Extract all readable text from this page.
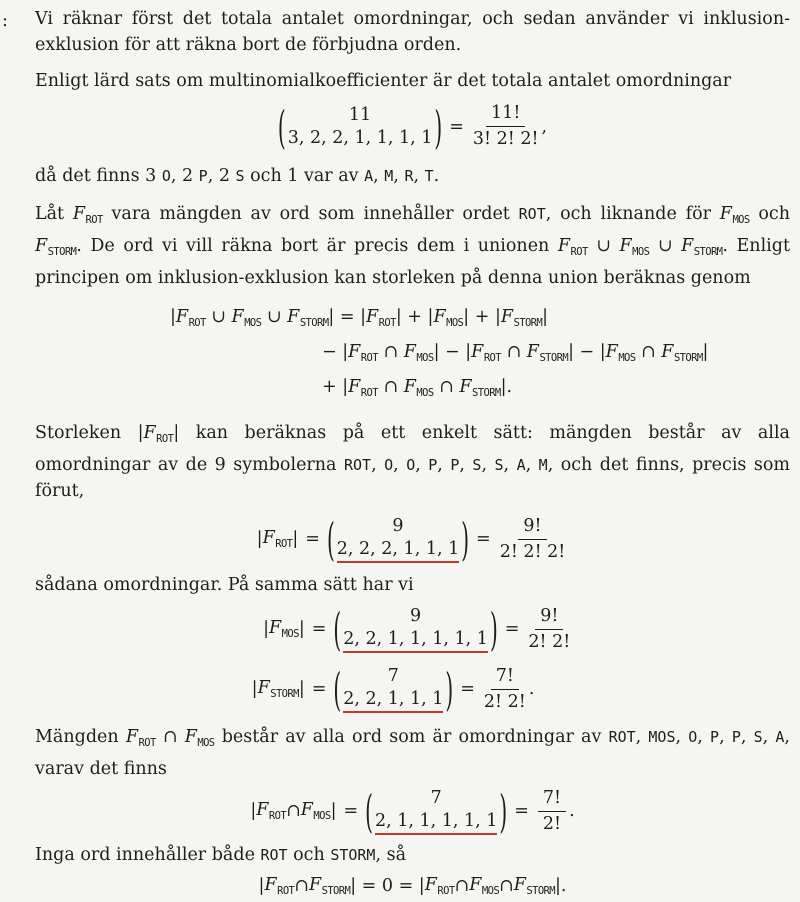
: Vi räknar först det totala antalet omordningar, och sedan använder vi inklusion-exklusion för att räkna bort de förbjudna orden.

Enligt lärd sats om multinomialkoefficienter är det totala antalet omordningar

(	11
3, 2, 2, 1, 1, 1, 1 ) = $\frac{11!}{3! 2! 2!}$ ,

då det finns 3 O, 2 P, 2 S och 1 var av A, M, R, T.

Låt $F_{ROT}$ vara mängden av ord som innehåller ordet ROT, och liknande för $F_{MOS}$ och $F_{STORM}$. De ord vi vill räkna bort är precis dem i unionen $F_{ROT}$ ∪ $F_{MOS}$ ∪ $F_{STORM}$. Enligt principen om inklusion-exklusion kan storleken på denna union beräknas genom

$|F_{ROT}$ ∪ $F_{MOS}$ ∪ $F_{STORM}| = |F_{ROT}| + |F_{MOS}| + |F_{STORM}|$
− $|F_{ROT}$ ∩ $F_{MOS}| - |F_{ROT}$ ∩ $F_{STORM}| - |F_{MOS}$ ∩ $F_{STORM}|$
+ $|F_{ROT}$ ∩ $F_{MOS}$ ∩ $F_{STORM}|$.

Storleken $|F_{ROT}|$ kan beräknas på ett enkelt sätt: mängden består av alla omordningar av de 9 symbolerna ROT, O, O, P, P, S, S, A, M, och det finns, precis som förut,

| $F_{ROT}$ | = (	9
2, 2, 2, 1, 1, 1 ) = $\frac{9!}{2! 2! 2!}$

sådana omordningar. På samma sätt har vi

| $F_{MOS}$ | = (	9
2, 2, 1, 1, 1, 1, 1 ) = $\frac{9!}{2! 2!}$
| $F_{STORM}$ | = (	7
2, 2, 1, 1, 1 ) = $\frac{7!}{2! 2!}$ .

Mängden $F_{ROT}$ ∩ $F_{MOS}$ består av alla ord som är omordningar av ROT, MOS, O, P, P, S, A, varav det finns

| $F_{ROT}$ ∩ $F_{MOS}$ | = (	7
2, 1, 1, 1, 1, 1 ) = $\frac{7!}{2!}$ .

Inga ord innehåller både ROT och STORM, så

| $F_{ROT}$ ∩ $F_{STORM}$ | = 0 = | $F_{ROT}$ ∩ $F_{MOS}$ ∩ $F_{STORM}$ |.
